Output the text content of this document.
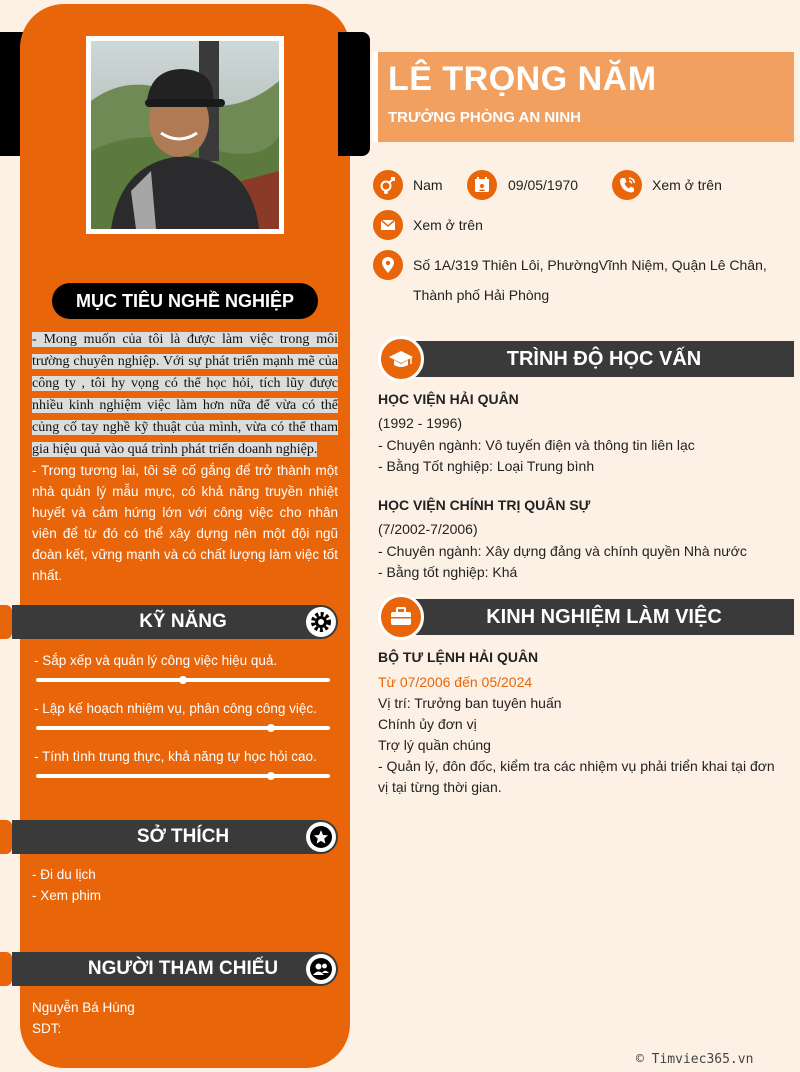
MỤC TIÊU NGHỀ NGHIỆP
- Mong muốn của tôi là được làm việc trong môi trường chuyên nghiệp. Với sự phát triển mạnh mẽ của công ty , tôi hy vọng có thể học hỏi, tích lũy được nhiều kinh nghiệm việc làm hơn nữa để vừa có thể củng cố tay nghề kỹ thuật của mình, vừa có thể tham gia hiệu quả vào quá trình phát triển doanh nghiệp.
- Trong tương lai, tôi sẽ cố gắng để trở thành một nhà quản lý mẫu mực, có khả năng truyền nhiệt huyết và cảm hứng lớn với công việc cho nhân viên để từ đó có thể xây dựng nên một đội ngũ đoàn kết, vững mạnh và có chất lượng làm việc tốt nhất.
KỸ NĂNG
- Sắp xếp và quản lý công việc hiệu quả.
- Lập kế hoạch nhiệm vụ, phân công công việc.
- Tính tình trung thực, khả năng tự học hỏi cao.
SỞ THÍCH
- Đi du lịch
- Xem phim
NGƯỜI THAM CHIẾU
Nguyễn Bá Hùng
SDT:
LÊ TRỌNG NĂM
TRƯỞNG PHÒNG AN NINH
Nam	09/05/1970	Xem ở trên
Xem ở trên
Số 1A/319 Thiên Lôi, PhườngVĩnh Niệm, Quận Lê Chân,
Thành phố Hải Phòng
TRÌNH ĐỘ HỌC VẤN
HỌC VIỆN HẢI QUÂN
(1992 - 1996)
- Chuyên ngành: Vô tuyến điện và thông tin liên lạc
- Bằng Tốt nghiệp: Loại Trung bình
HỌC VIỆN CHÍNH TRỊ QUÂN SỰ
(7/2002-7/2006)
- Chuyên ngành: Xây dựng đảng và chính quyền Nhà nước
- Bằng tốt nghiệp: Khá
KINH NGHIỆM LÀM VIỆC
BỘ TƯ LỆNH HẢI QUÂN
Từ 07/2006 đến 05/2024
Vị trí: Trưởng ban tuyên huấn
Chính ủy đơn vị
Trợ lý quần chúng
- Quản lý, đôn đốc, kiểm tra các nhiệm vụ phải triển khai tại đơn
vị tại từng thời gian.
© Timviec365.vn
